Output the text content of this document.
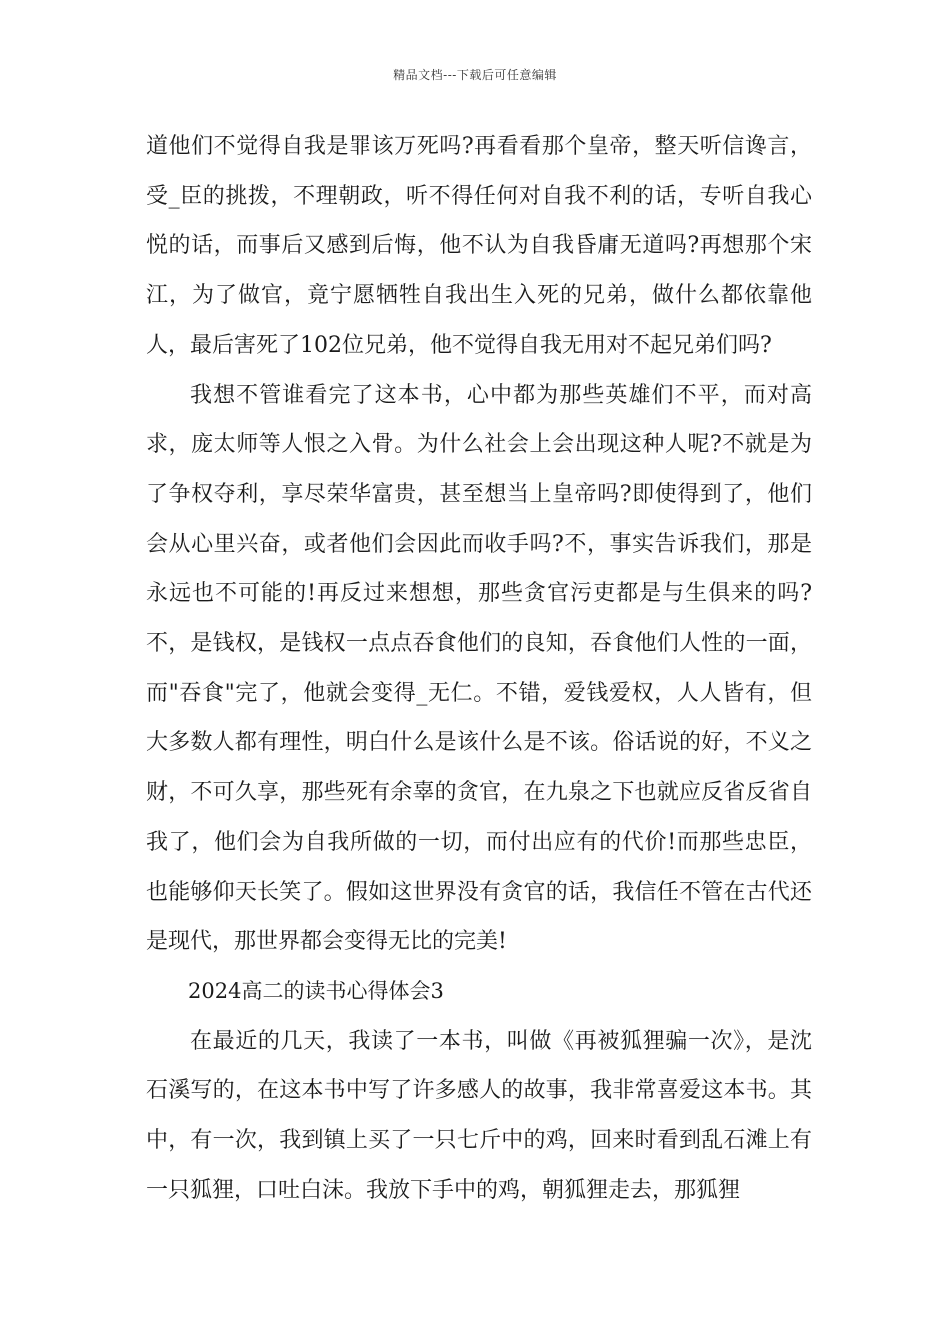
精品文档---下载后可任意编辑

道他们不觉得自我是罪该万死吗?再看看那个皇帝，整天听信谗言，受_臣的挑拨，不理朝政，听不得任何对自我不利的话，专听自我心悦的话，而事后又感到后悔，他不认为自我昏庸无道吗?再想那个宋江，为了做官，竟宁愿牺牲自我出生入死的兄弟，做什么都依靠他人，最后害死了102位兄弟，他不觉得自我无用对不起兄弟们吗?

我想不管谁看完了这本书，心中都为那些英雄们不平，而对高求，庞太师等人恨之入骨。为什么社会上会出现这种人呢?不就是为了争权夺利，享尽荣华富贵，甚至想当上皇帝吗?即使得到了，他们会从心里兴奋，或者他们会因此而收手吗?不，事实告诉我们，那是永远也不可能的!再反过来想想，那些贪官污吏都是与生俱来的吗?不，是钱权，是钱权一点点吞食他们的良知，吞食他们人性的一面，而"吞食"完了，他就会变得_无仁。不错，爱钱爱权，人人皆有，但大多数人都有理性，明白什么是该什么是不该。俗话说的好，不义之财，不可久享，那些死有余辜的贪官，在九泉之下也就应反省反省自我了，他们会为自我所做的一切，而付出应有的代价!而那些忠臣，也能够仰天长笑了。假如这世界没有贪官的话，我信任不管在古代还是现代，那世界都会变得无比的完美!

2024高二的读书心得体会3

在最近的几天，我读了一本书，叫做《再被狐狸骗一次》，是沈石溪写的，在这本书中写了许多感人的故事，我非常喜爱这本书。其中，有一次，我到镇上买了一只七斤中的鸡，回来时看到乱石滩上有一只狐狸，口吐白沫。我放下手中的鸡，朝狐狸走去，那狐狸
